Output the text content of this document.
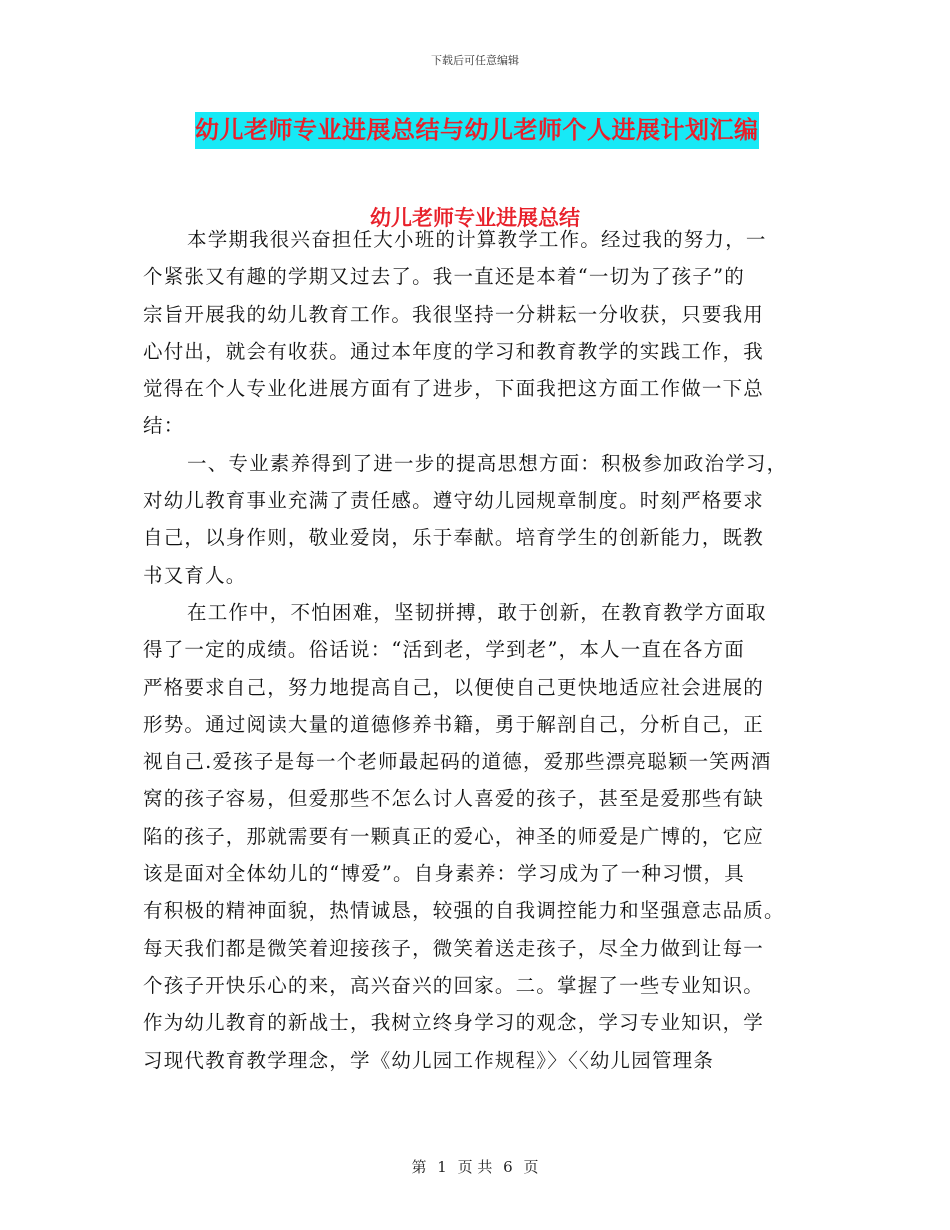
下载后可任意编辑
幼儿老师专业进展总结与幼儿老师个人进展计划汇编
幼儿老师专业进展总结
本学期我很兴奋担任大小班的计算教学工作。经过我的努力，一
个紧张又有趣的学期又过去了。我一直还是本着“一切为了孩子”的
宗旨开展我的幼儿教育工作。我很坚持一分耕耘一分收获，只要我用
心付出，就会有收获。通过本年度的学习和教育教学的实践工作，我
觉得在个人专业化进展方面有了进步，下面我把这方面工作做一下总
结：
一、专业素养得到了进一步的提高思想方面：积极参加政治学习，
对幼儿教育事业充满了责任感。遵守幼儿园规章制度。时刻严格要求
自己，以身作则，敬业爱岗，乐于奉献。培育学生的创新能力，既教
书又育人。
在工作中，不怕困难，坚韧拼搏，敢于创新，在教育教学方面取
得了一定的成绩。俗话说：“活到老，学到老”，本人一直在各方面
严格要求自己，努力地提高自己，以便使自己更快地适应社会进展的
形势。通过阅读大量的道德修养书籍，勇于解剖自己，分析自己，正
视自己.爱孩子是每一个老师最起码的道德，爱那些漂亮聪颖一笑两酒
窝的孩子容易，但爱那些不怎么讨人喜爱的孩子，甚至是爱那些有缺
陷的孩子，那就需要有一颗真正的爱心，神圣的师爱是广博的，它应
该是面对全体幼儿的“博爱”。自身素养：学习成为了一种习惯，具
有积极的精神面貌，热情诚恳，较强的自我调控能力和坚强意志品质。
每天我们都是微笑着迎接孩子，微笑着送走孩子，尽全力做到让每一
个孩子开快乐心的来，高兴奋兴的回家。二。掌握了一些专业知识。
作为幼儿教育的新战士，我树立终身学习的观念，学习专业知识，学
习现代教育教学理念，学《幼儿园工作规程》〉〈〈幼儿园管理条
第 1 页 共 6 页
